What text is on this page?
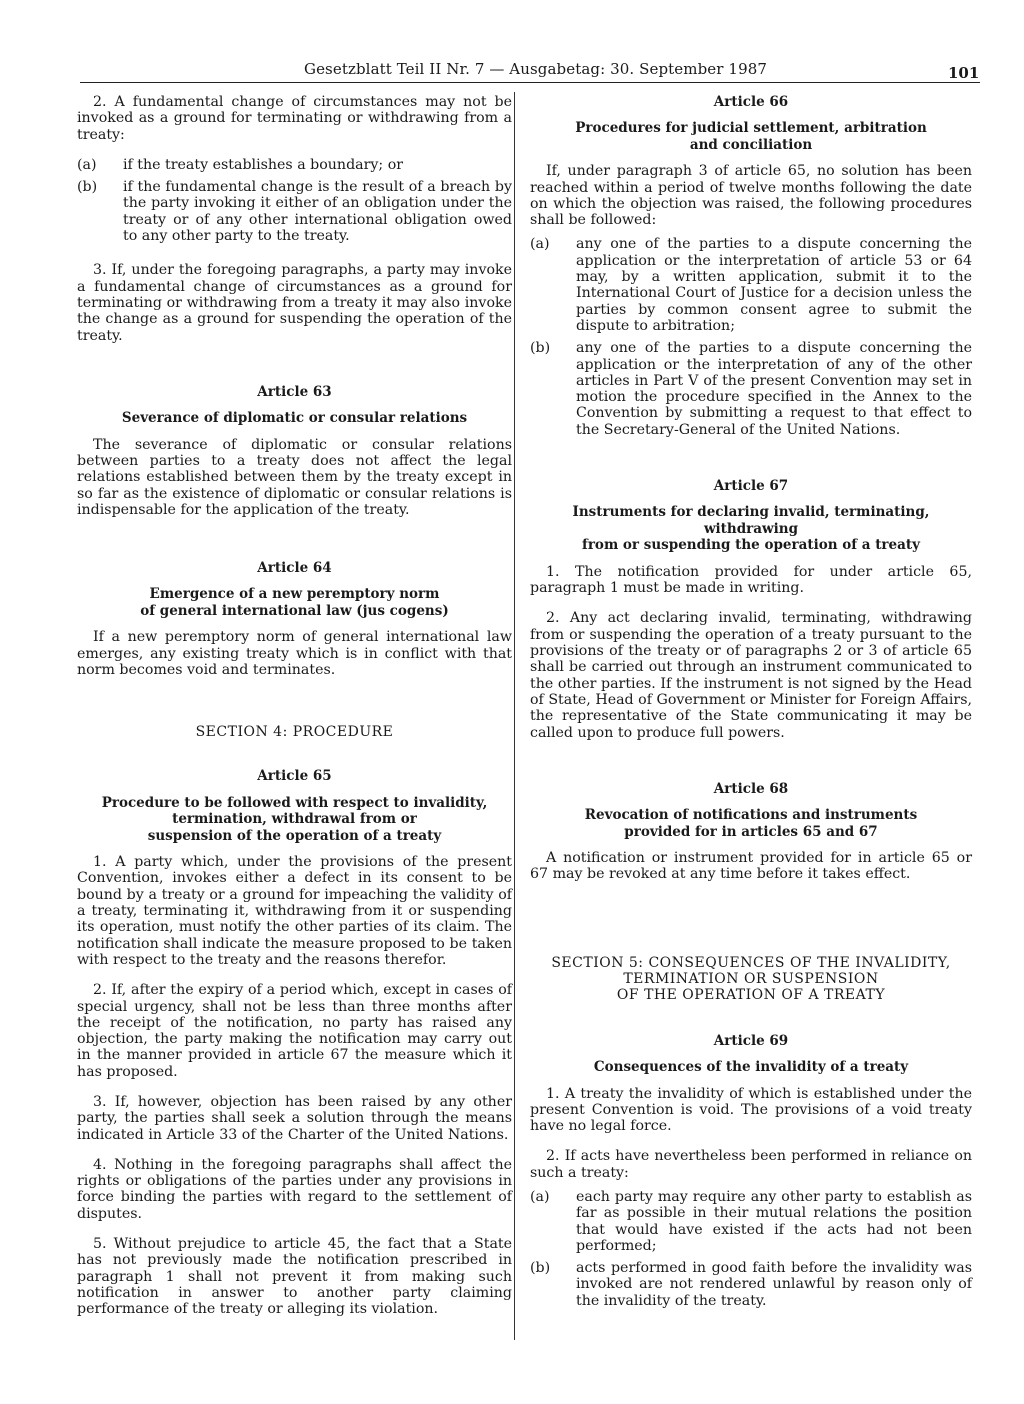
Gesetzblatt Teil II Nr. 7 — Ausgabetag: 30. September 1987	101

2. A fundamental change of circumstances may not be invoked as a ground for terminating or withdrawing from a treaty:

(a)	if the treaty establishes a boundary; or
(b)	if the fundamental change is the result of a breach by the party invoking it either of an obligation under the treaty or of any other international obligation owed to any other party to the treaty.

3. If, under the foregoing paragraphs, a party may invoke a fundamental change of circumstances as a ground for terminating or withdrawing from a treaty it may also invoke the change as a ground for suspending the operation of the treaty.

Article 63
Severance of diplomatic or consular relations

The severance of diplomatic or consular relations between parties to a treaty does not affect the legal relations established between them by the treaty except in so far as the existence of diplomatic or consular relations is indispensable for the application of the treaty.

Article 64
Emergence of a new peremptory norm
of general international law (jus cogens)

If a new peremptory norm of general international law emerges, any existing treaty which is in conflict with that norm becomes void and terminates.

SECTION 4: PROCEDURE
Article 65
Procedure to be followed with respect to invalidity,
termination, withdrawal from or
suspension of the operation of a treaty

1. A party which, under the provisions of the present Convention, invokes either a defect in its consent to be bound by a treaty or a ground for impeaching the validity of a treaty, terminating it, withdrawing from it or suspending its operation, must notify the other parties of its claim. The notification shall indicate the measure proposed to be taken with respect to the treaty and the reasons therefor.

2. If, after the expiry of a period which, except in cases of special urgency, shall not be less than three months after the receipt of the notification, no party has raised any objection, the party making the notification may carry out in the manner provided in article 67 the measure which it has proposed.

3. If, however, objection has been raised by any other party, the parties shall seek a solution through the means indicated in Article 33 of the Charter of the United Nations.

4. Nothing in the foregoing paragraphs shall affect the rights or obligations of the parties under any provisions in force binding the parties with regard to the settlement of disputes.

5. Without prejudice to article 45, the fact that a State has not previously made the notification prescribed in paragraph 1 shall not prevent it from making such notification in answer to another party claiming performance of the treaty or alleging its violation.

Article 66
Procedures for judicial settlement, arbitration
and conciliation

If, under paragraph 3 of article 65, no solution has been reached within a period of twelve months following the date on which the objection was raised, the following procedures shall be followed:

(a)	any one of the parties to a dispute concerning the application or the interpretation of article 53 or 64 may, by a written application, submit it to the International Court of Justice for a decision unless the parties by common consent agree to submit the dispute to arbitration;
(b)	any one of the parties to a dispute concerning the application or the interpretation of any of the other articles in Part V of the present Convention may set in motion the procedure specified in the Annex to the Convention by submitting a request to that effect to the Secretary-General of the United Nations.
Article 67
Instruments for declaring invalid, terminating, withdrawing
from or suspending the operation of a treaty

1. The notification provided for under article 65, paragraph 1 must be made in writing.

2. Any act declaring invalid, terminating, withdrawing from or suspending the operation of a treaty pursuant to the provisions of the treaty or of paragraphs 2 or 3 of article 65 shall be carried out through an instrument communicated to the other parties. If the instrument is not signed by the Head of State, Head of Government or Minister for Foreign Affairs, the representative of the State communicating it may be called upon to produce full powers.

Article 68
Revocation of notifications and instruments
provided for in articles 65 and 67

A notification or instrument provided for in article 65 or 67 may be revoked at any time before it takes effect.

SECTION 5: CONSEQUENCES OF THE INVALIDITY,
TERMINATION OR SUSPENSION
OF THE OPERATION OF A TREATY
Article 69
Consequences of the invalidity of a treaty

1. A treaty the invalidity of which is established under the present Convention is void. The provisions of a void treaty have no legal force.

2. If acts have nevertheless been performed in reliance on such a treaty:

(a)	each party may require any other party to establish as far as possible in their mutual relations the position that would have existed if the acts had not been performed;
(b)	acts performed in good faith before the invalidity was invoked are not rendered unlawful by reason only of the invalidity of the treaty.
